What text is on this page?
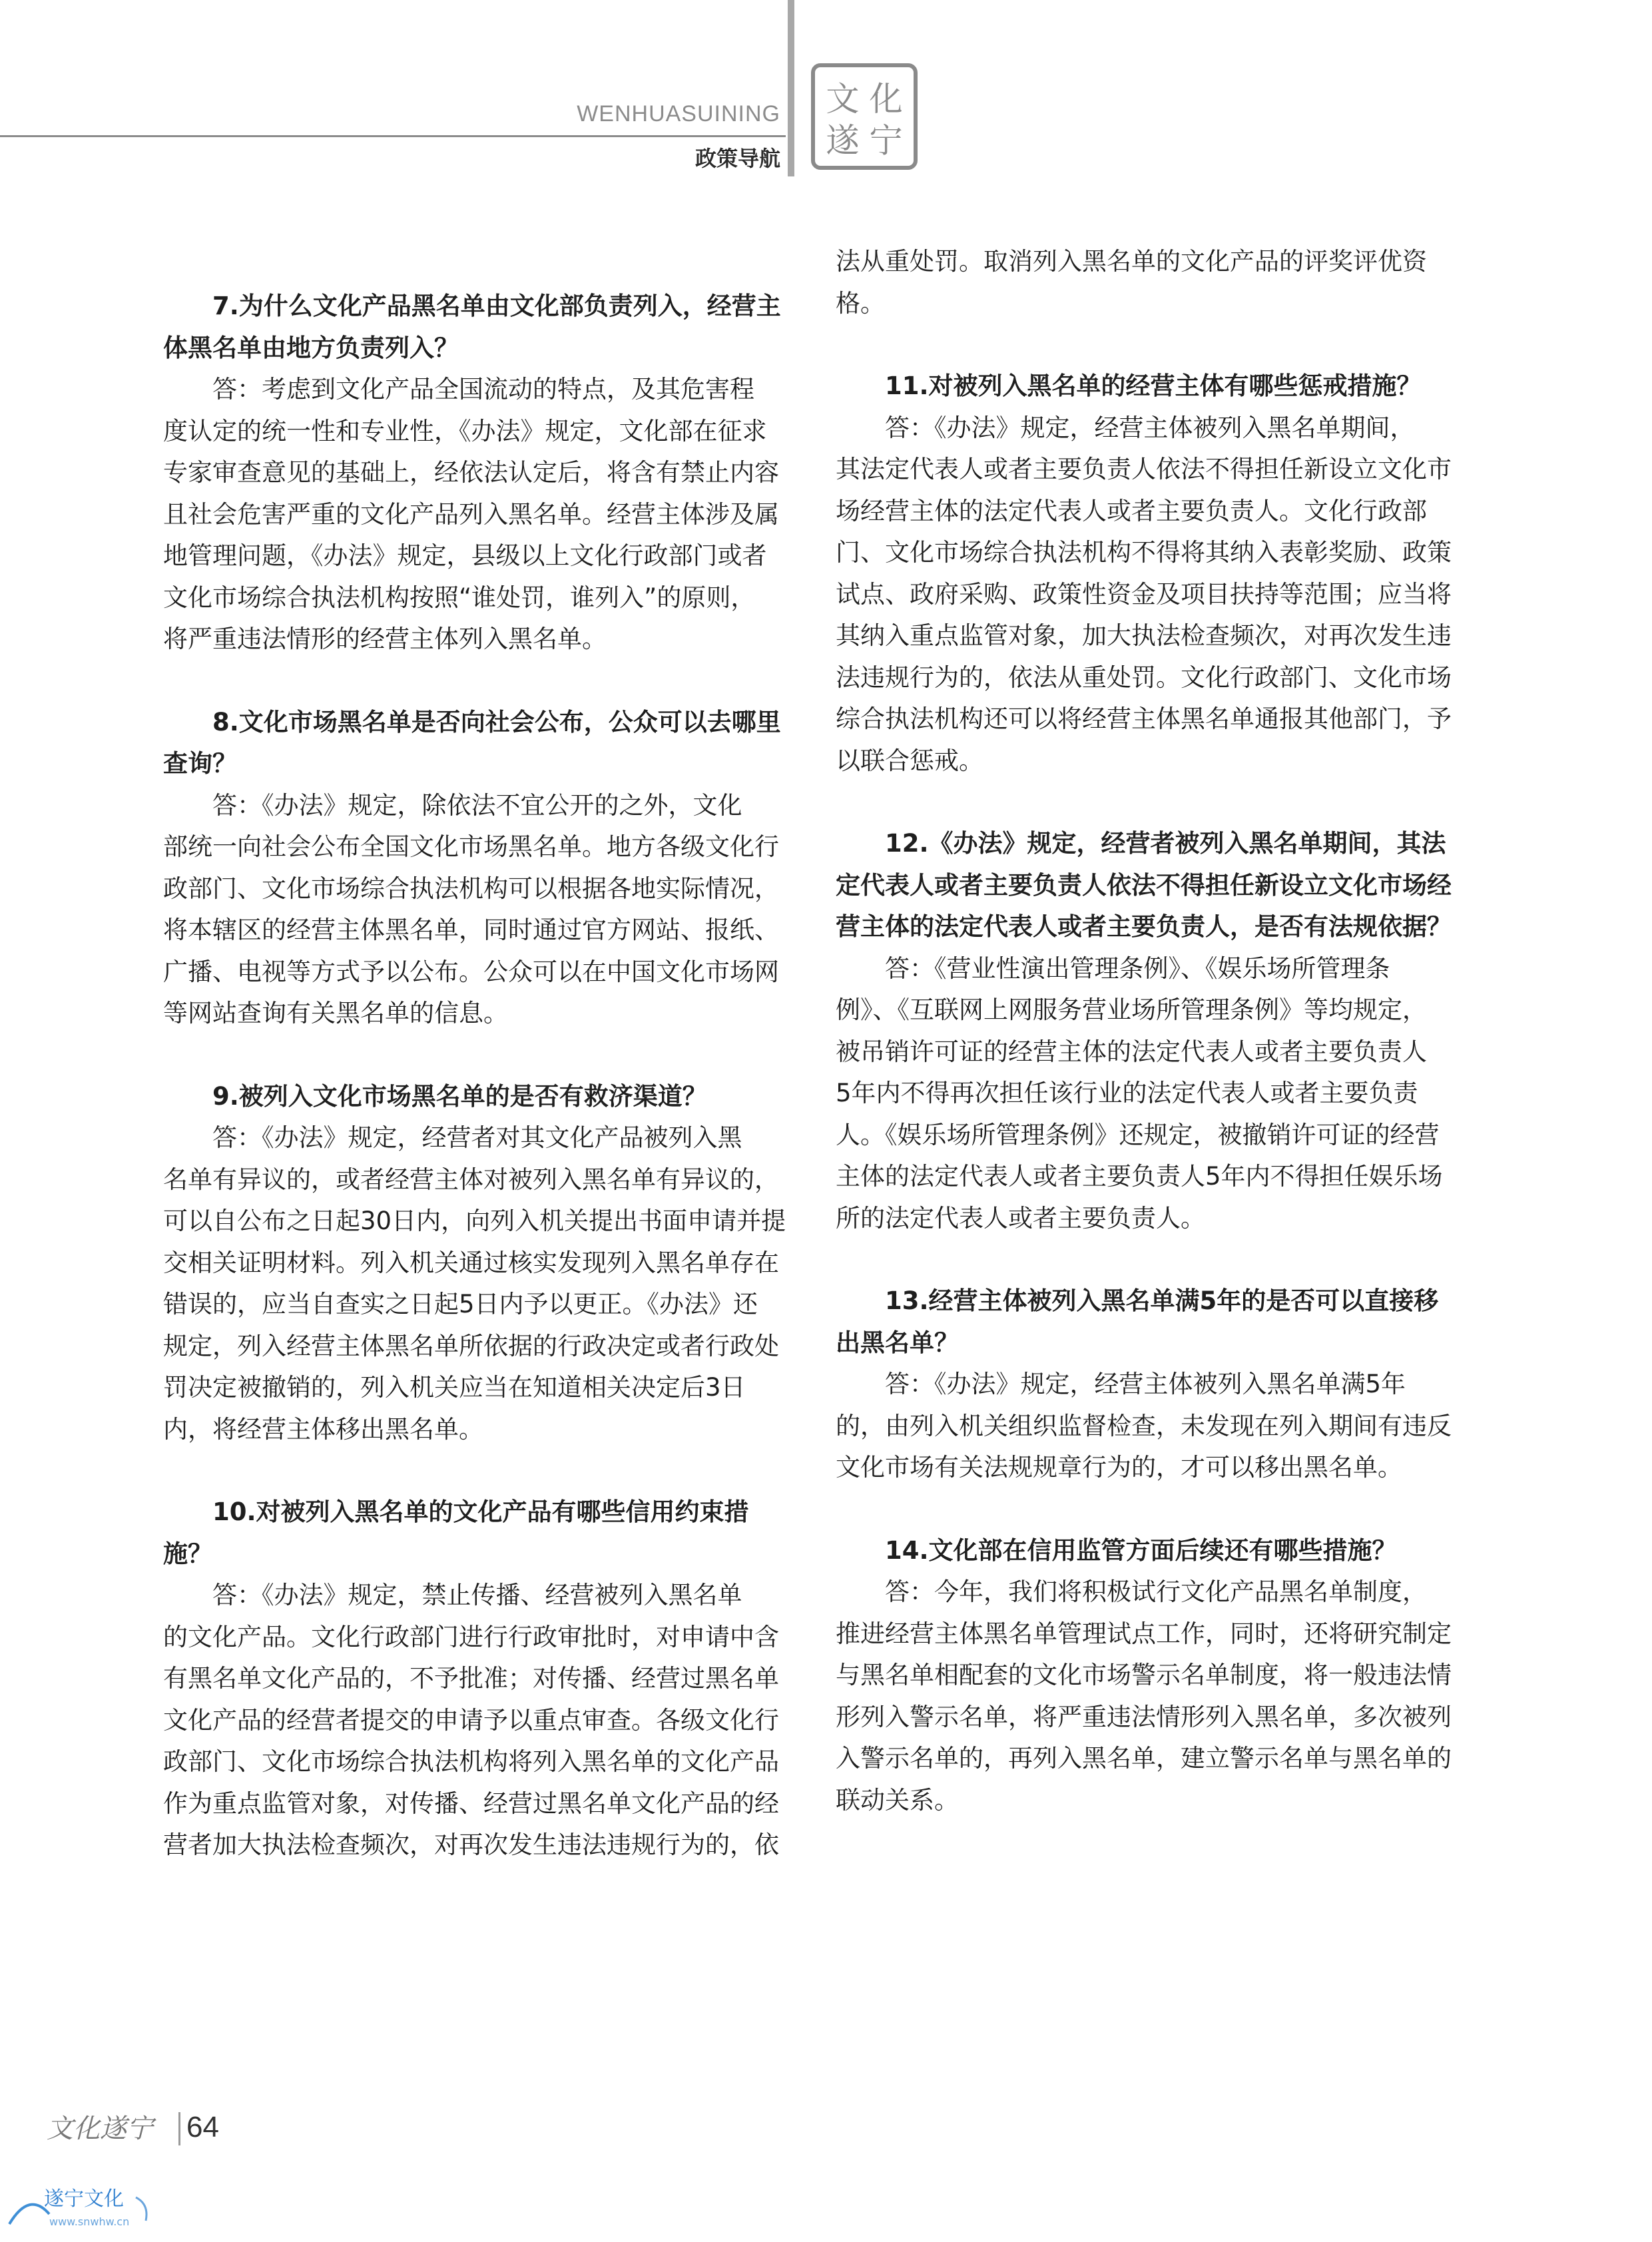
WENHUASUINING
政策导航
文 化
遂 宁

7.为什么文化产品黑名单由文化部负责列入，经营主

体黑名单由地方负责列入？

答：考虑到文化产品全国流动的特点，及其危害程

度认定的统一性和专业性，《办法》规定，文化部在征求

专家审查意见的基础上，经依法认定后，将含有禁止内容

且社会危害严重的文化产品列入黑名单。经营主体涉及属

地管理问题，《办法》规定，县级以上文化行政部门或者

文化市场综合执法机构按照“谁处罚，谁列入”的原则，

将严重违法情形的经营主体列入黑名单。

8.文化市场黑名单是否向社会公布，公众可以去哪里

查询？

答：《办法》规定，除依法不宜公开的之外，文化

部统一向社会公布全国文化市场黑名单。地方各级文化行

政部门、文化市场综合执法机构可以根据各地实际情况，

将本辖区的经营主体黑名单，同时通过官方网站、报纸、

广播、电视等方式予以公布。公众可以在中国文化市场网

等网站查询有关黑名单的信息。

9.被列入文化市场黑名单的是否有救济渠道？

答：《办法》规定，经营者对其文化产品被列入黑

名单有异议的，或者经营主体对被列入黑名单有异议的，

可以自公布之日起30日内，向列入机关提出书面申请并提

交相关证明材料。列入机关通过核实发现列入黑名单存在

错误的，应当自查实之日起5日内予以更正。《办法》还

规定，列入经营主体黑名单所依据的行政决定或者行政处

罚决定被撤销的，列入机关应当在知道相关决定后3日

内，将经营主体移出黑名单。

10.对被列入黑名单的文化产品有哪些信用约束措

施？

答：《办法》规定，禁止传播、经营被列入黑名单

的文化产品。文化行政部门进行行政审批时，对申请中含

有黑名单文化产品的，不予批准；对传播、经营过黑名单

文化产品的经营者提交的申请予以重点审查。各级文化行

政部门、文化市场综合执法机构将列入黑名单的文化产品

作为重点监管对象，对传播、经营过黑名单文化产品的经

营者加大执法检查频次，对再次发生违法违规行为的，依

法从重处罚。取消列入黑名单的文化产品的评奖评优资

格。

11.对被列入黑名单的经营主体有哪些惩戒措施？

答：《办法》规定，经营主体被列入黑名单期间，

其法定代表人或者主要负责人依法不得担任新设立文化市

场经营主体的法定代表人或者主要负责人。文化行政部

门、文化市场综合执法机构不得将其纳入表彰奖励、政策

试点、政府采购、政策性资金及项目扶持等范围；应当将

其纳入重点监管对象，加大执法检查频次，对再次发生违

法违规行为的，依法从重处罚。文化行政部门、文化市场

综合执法机构还可以将经营主体黑名单通报其他部门，予

以联合惩戒。

12.《办法》规定，经营者被列入黑名单期间，其法

定代表人或者主要负责人依法不得担任新设立文化市场经

营主体的法定代表人或者主要负责人，是否有法规依据？

答：《营业性演出管理条例》、《娱乐场所管理条

例》、《互联网上网服务营业场所管理条例》等均规定，

被吊销许可证的经营主体的法定代表人或者主要负责人

5年内不得再次担任该行业的法定代表人或者主要负责

人。《娱乐场所管理条例》还规定，被撤销许可证的经营

主体的法定代表人或者主要负责人5年内不得担任娱乐场

所的法定代表人或者主要负责人。

13.经营主体被列入黑名单满5年的是否可以直接移

出黑名单？

答：《办法》规定，经营主体被列入黑名单满5年

的，由列入机关组织监督检查，未发现在列入期间有违反

文化市场有关法规规章行为的，才可以移出黑名单。

14.文化部在信用监管方面后续还有哪些措施？

答：今年，我们将积极试行文化产品黑名单制度，

推进经营主体黑名单管理试点工作，同时，还将研究制定

与黑名单相配套的文化市场警示名单制度，将一般违法情

形列入警示名单，将严重违法情形列入黑名单，多次被列

入警示名单的，再列入黑名单，建立警示名单与黑名单的

联动关系。

文化遂宁 64
遂宁文化
www.snwhw.cn
